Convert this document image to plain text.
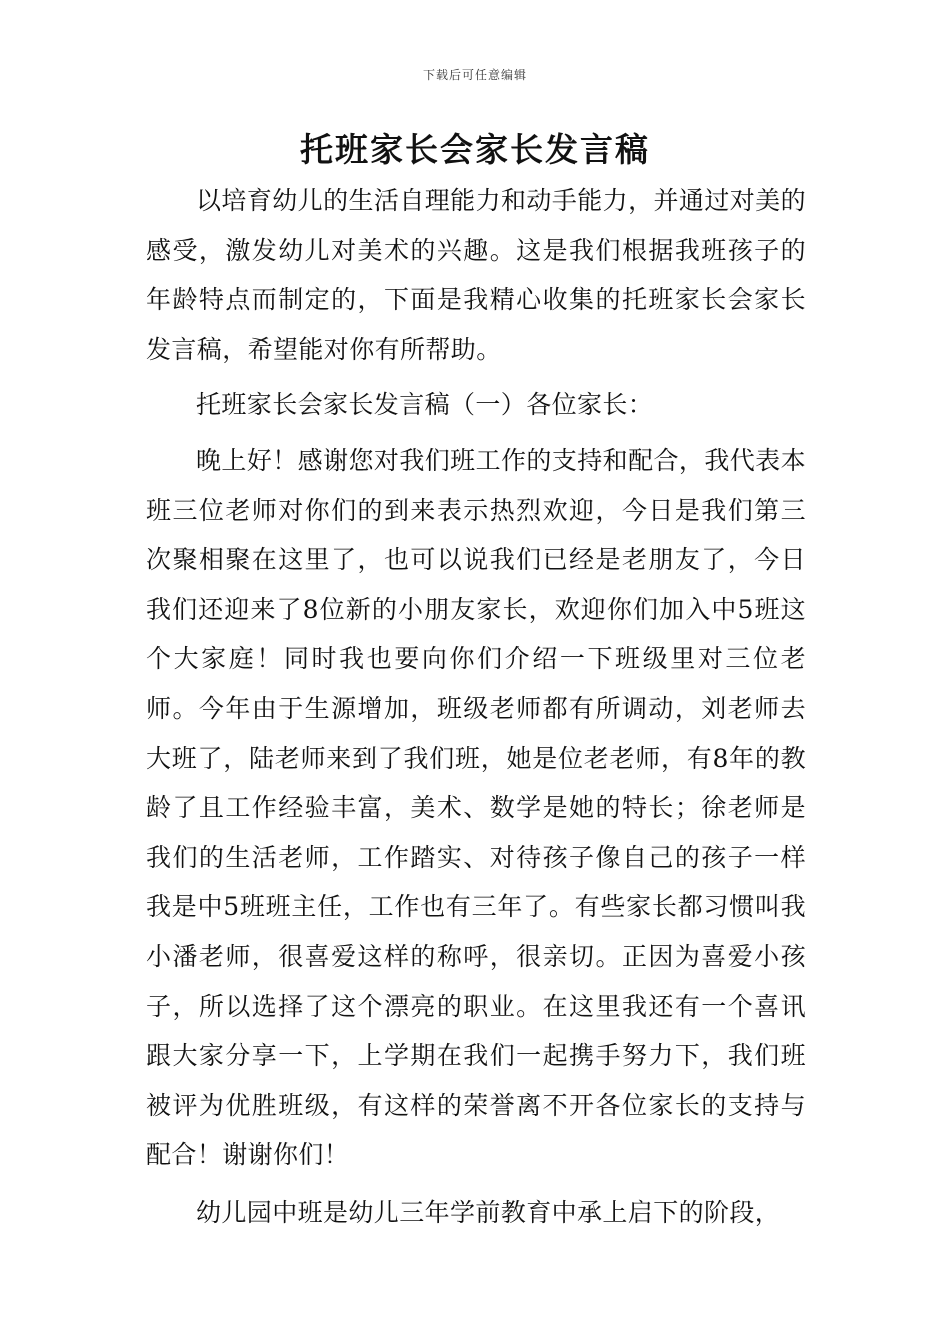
下载后可任意编辑
托班家长会家长发言稿

以培育幼儿的生活自理能力和动手能力，并通过对美的感受，激发幼儿对美术的兴趣。这是我们根据我班孩子的年龄特点而制定的，下面是我精心收集的托班家长会家长发言稿，希望能对你有所帮助。

托班家长会家长发言稿（一）各位家长：

晚上好！感谢您对我们班工作的支持和配合，我代表本班三位老师对你们的到来表示热烈欢迎，今日是我们第三次聚相聚在这里了，也可以说我们已经是老朋友了，今日我们还迎来了8位新的小朋友家长，欢迎你们加入中5班这个大家庭！同时我也要向你们介绍一下班级里对三位老师。今年由于生源增加，班级老师都有所调动，刘老师去大班了，陆老师来到了我们班，她是位老老师，有8年的教龄了且工作经验丰富，美术、数学是她的特长；徐老师是我们的生活老师，工作踏实、对待孩子像自己的孩子一样我是中5班班主任，工作也有三年了。有些家长都习惯叫我小潘老师，很喜爱这样的称呼，很亲切。正因为喜爱小孩子，所以选择了这个漂亮的职业。在这里我还有一个喜讯跟大家分享一下，上学期在我们一起携手努力下，我们班被评为优胜班级，有这样的荣誉离不开各位家长的支持与配合！谢谢你们！

幼儿园中班是幼儿三年学前教育中承上启下的阶段，
